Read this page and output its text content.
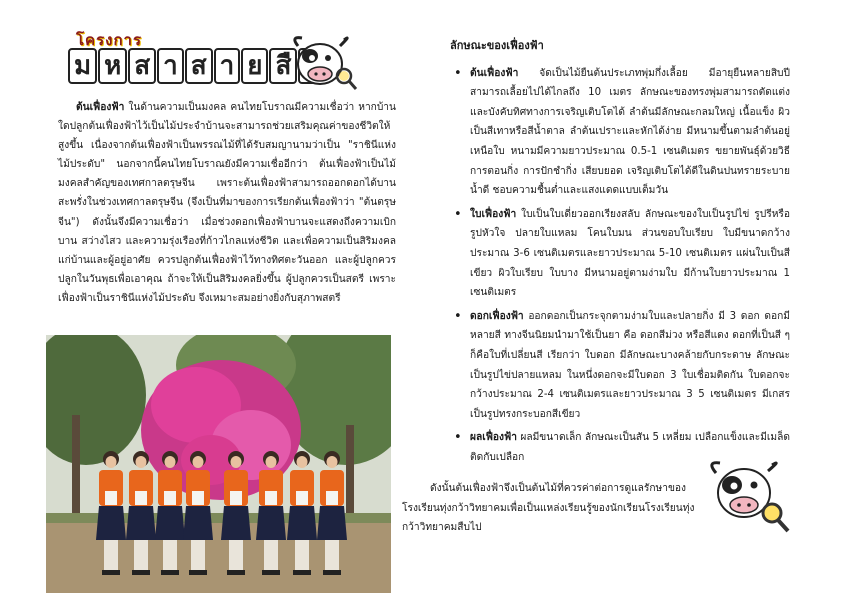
โครงการ
ม ห ส า ส า ย สื

ต้นเฟื่องฟ้า ในด้านความเป็นมงคล คนไทยโบราณมีความเชื่อว่า หากบ้านใดปลูกต้นเฟื่องฟ้าไว้เป็นไม้ประจำบ้านจะสามารถช่วยเสริมคุณค่าของชีวิตให้สูงขึ้น เนื่องจากต้นเฟื่องฟ้าเป็นพรรณไม้ที่ได้รับสมญานามว่าเป็น "ราชินีแห่งไม้ประดับ" นอกจากนี้คนไทยโบราณยังมีความเชื่ออีกว่า ต้นเฟื่องฟ้าเป็นไม้มงคลสำคัญของเทศกาลตรุษจีน เพราะต้นเฟื่องฟ้าสามารถออกดอกได้บานสะพรั่งในช่วงเทศกาลตรุษจีน (จึงเป็นที่มาของการเรียกต้นเฟื่องฟ้าว่า "ต้นตรุษจีน") ดังนั้นจึงมีความเชื่อว่า เมื่อช่วงดอกเฟื่องฟ้าบานจะแสดงถึงความเบิกบาน สว่างไสว และความรุ่งเรืองที่ก้าวไกลแห่งชีวิต และเพื่อความเป็นสิริมงคลแก่บ้านและผู้อยู่อาศัย ควรปลูกต้นเฟื่องฟ้าไว้ทางทิศตะวันออก และผู้ปลูกควรปลูกในวันพุธเพื่อเอาคุณ ถ้าจะให้เป็นสิริมงคลยิ่งขึ้น ผู้ปลูกควรเป็นสตรี เพราะเฟื่องฟ้าเป็นราชินีแห่งไม้ประดับ จึงเหมาะสมอย่างยิ่งกับสุภาพสตรี

ลักษณะของเฟื่องฟ้า
• ต้นเฟื่องฟ้า จัดเป็นไม้ยืนต้นประเภทพุ่มกึ่งเลื้อย มีอายุยืนหลายสิบปี สามารถเลื้อยไปได้ไกลถึง 10 เมตร ลักษณะของทรงพุ่มสามารถตัดแต่งและบังคับทิศทางการเจริญเติบโตได้ ลำต้นมีลักษณะกลมใหญ่ เนื้อแข็ง ผิวเป็นสีเทาหรือสีน้ำตาล ลำต้นเปราะและหักได้ง่าย มีหนามขึ้นตามลำต้นอยู่เหนือใบ หนามมีความยาวประมาณ 0.5-1 เซนติเมตร ขยายพันธุ์ด้วยวิธีการตอนกิ่ง การปักชำกิ่ง เสียบยอด เจริญเติบโตได้ดีในดินปนทรายระบายน้ำดี ชอบความชื้นต่ำและแสงแดดแบบเต็มวัน
• ใบเฟื่องฟ้า ใบเป็นใบเดี่ยวออกเรียงสลับ ลักษณะของใบเป็นรูปไข่ รูปรีหรือรูปหัวใจ ปลายใบแหลม โคนใบมน ส่วนขอบใบเรียบ ใบมีขนาดกว้างประมาณ 3-6 เซนติเมตรและยาวประมาณ 5-10 เซนติเมตร แผ่นใบเป็นสีเขียว ผิวใบเรียบ ใบบาง มีหนามอยู่ตามง่ามใบ มีก้านใบยาวประมาณ 1 เซนติเมตร
• ดอกเฟื่องฟ้า ออกดอกเป็นกระจุกตามง่ามใบและปลายกิ่ง มี 3 ดอก ดอกมีหลายสี ทางจีนนิยมนำมาใช้เป็นยา คือ ดอกสีม่วง หรือสีแดง ดอกที่เป็นสี ๆ ก็คือใบที่เปลี่ยนสี เรียกว่า ใบดอก มีลักษณะบางคล้ายกับกระดาษ ลักษณะเป็นรูปไข่ปลายแหลม ในหนึ่งดอกจะมีใบดอก 3 ใบเชื่อมติดกัน ใบดอกจะกว้างประมาณ 2-4 เซนติเมตรและยาวประมาณ 3 5 เซนติเมตร มีเกสรเป็นรูปทรงกระบอกสีเขียว
• ผลเฟื่องฟ้า ผลมีขนาดเล็ก ลักษณะเป็นสัน 5 เหลี่ยม เปลือกแข็งและมีเมล็ดติดกับเปลือก

ดังนั้นต้นเฟื่องฟ้าจึงเป็นต้นไม้ที่ควรค่าต่อการดูแลรักษาของโรงเรียนทุ่งกว้าวิทยาคมเพื่อเป็นแหล่งเรียนรู้ของนักเรียนโรงเรียนทุ่งกว้าวิทยาคมสืบไป
